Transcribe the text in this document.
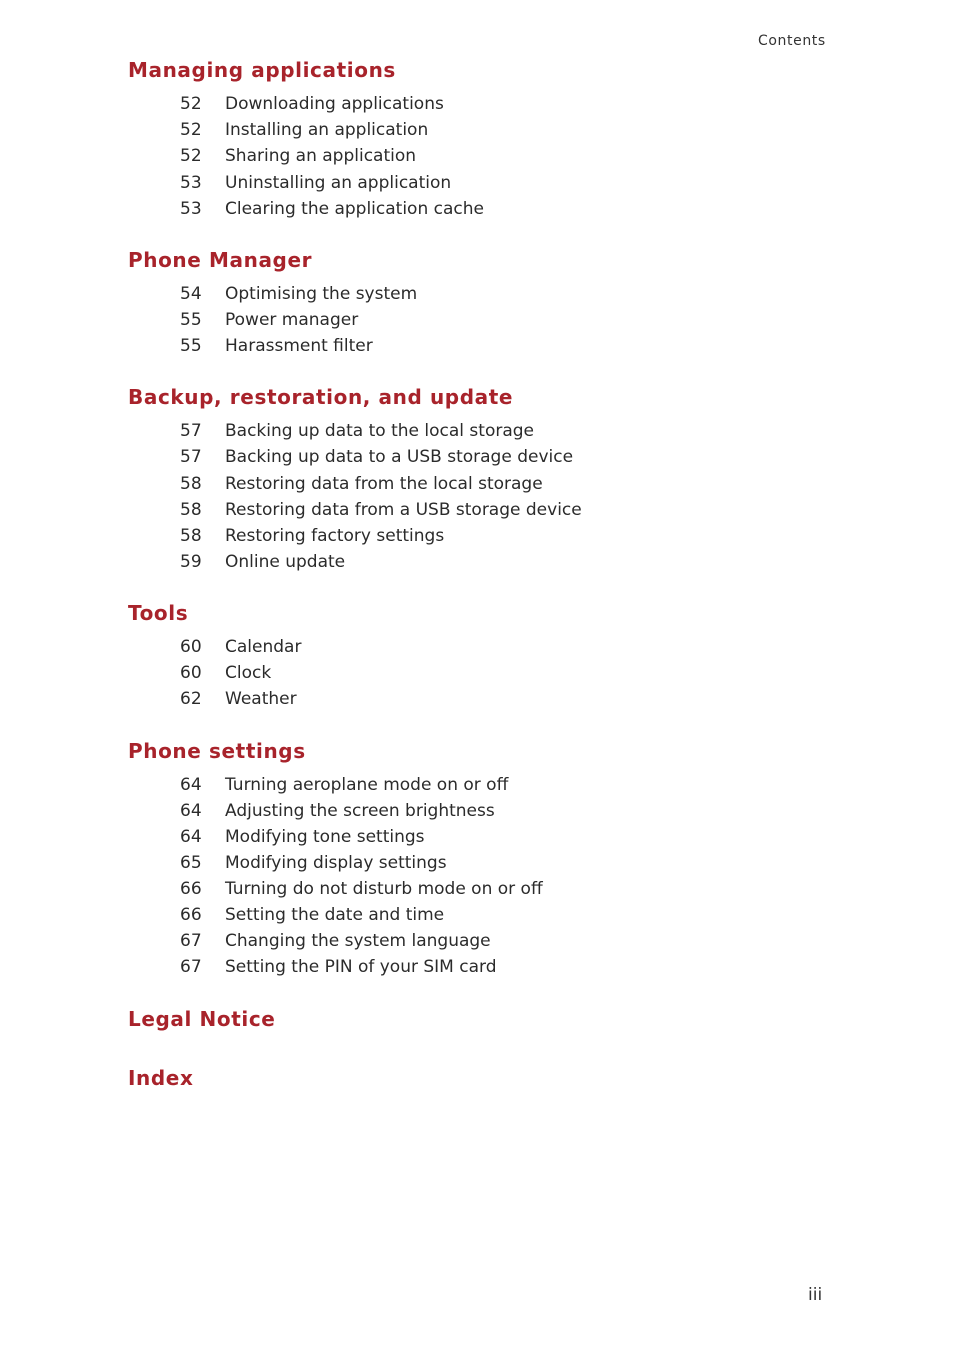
Contents
Managing applications
52 Downloading applications
52 Installing an application
52 Sharing an application
53 Uninstalling an application
53 Clearing the application cache
Phone Manager
54 Optimising the system
55 Power manager
55 Harassment filter
Backup, restoration, and update
57 Backing up data to the local storage
57 Backing up data to a USB storage device
58 Restoring data from the local storage
58 Restoring data from a USB storage device
58 Restoring factory settings
59 Online update
Tools
60 Calendar
60 Clock
62 Weather
Phone settings
64 Turning aeroplane mode on or off
64 Adjusting the screen brightness
64 Modifying tone settings
65 Modifying display settings
66 Turning do not disturb mode on or off
66 Setting the date and time
67 Changing the system language
67 Setting the PIN of your SIM card
Legal Notice
Index
iii
